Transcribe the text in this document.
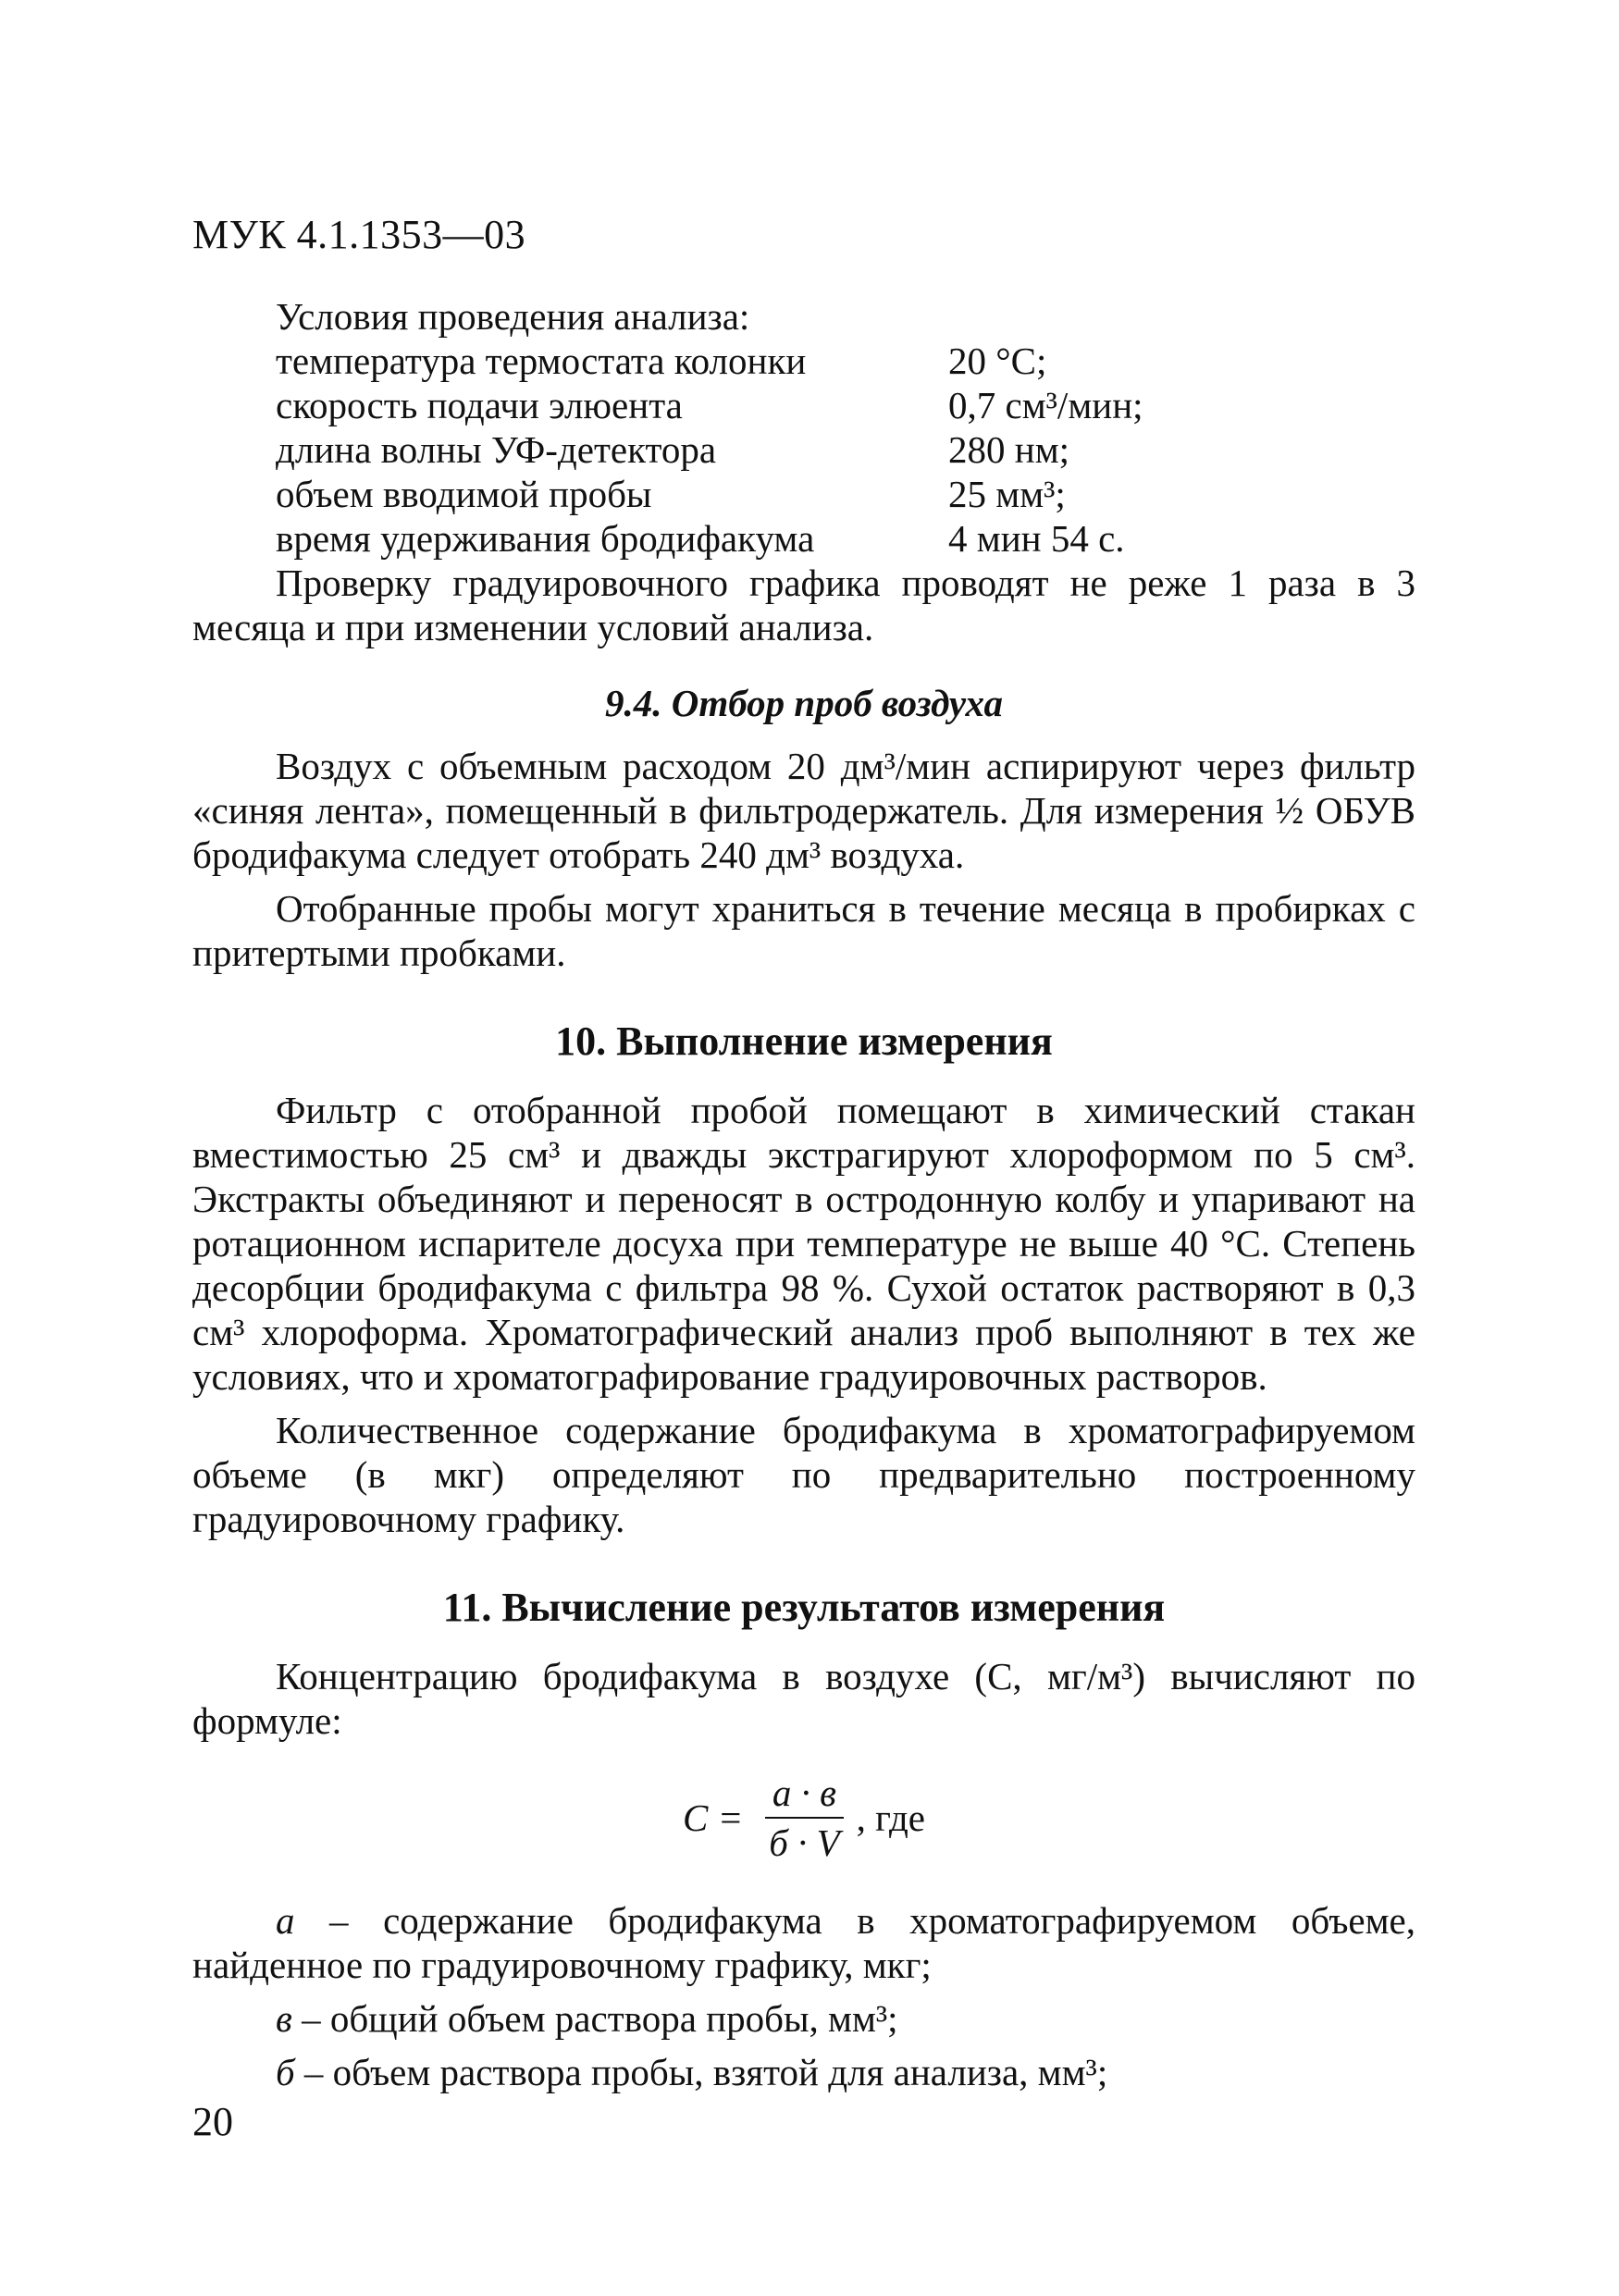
МУК 4.1.1353—03
Условия проведения анализа:
температура термостата колонки	20 °С;
скорость подачи элюента	0,7 см³/мин;
длина волны УФ-детектора	280 нм;
объем вводимой пробы	25 мм³;
время удерживания бродифакума	4 мин 54 с.

Проверку градуировочного графика проводят не реже 1 раза в 3 месяца и при изменении условий анализа.

9.4. Отбор проб воздуха

Воздух с объемным расходом 20 дм³/мин аспирируют через фильтр «синяя лента», помещенный в фильтродержатель. Для измерения ½ ОБУВ бродифакума следует отобрать 240 дм³ воздуха.

Отобранные пробы могут храниться в течение месяца в пробирках с притертыми пробками.

10. Выполнение измерения

Фильтр с отобранной пробой помещают в химический стакан вместимостью 25 см³ и дважды экстрагируют хлороформом по 5 см³. Экстракты объединяют и переносят в остродонную колбу и упаривают на ротационном испарителе досуха при температуре не выше 40 °С. Степень десорбции бродифакума с фильтра 98 %. Сухой остаток растворяют в 0,3 см³ хлороформа. Хроматографический анализ проб выполняют в тех же условиях, что и хроматографирование градуировочных растворов.

Количественное содержание бродифакума в хроматографируемом объеме (в мкг) определяют по предварительно построенному градуировочному графику.

11. Вычисление результатов измерения

Концентрацию бродифакума в воздухе (С, мг/м³) вычисляют по формуле:

$С = \frac{а \cdot в}{б \cdot V}$ , где

а – содержание бродифакума в хроматографируемом объеме, найденное по градуировочному графику, мкг;

в – общий объем раствора пробы, мм³;

б – объем раствора пробы, взятой для анализа, мм³;

20
